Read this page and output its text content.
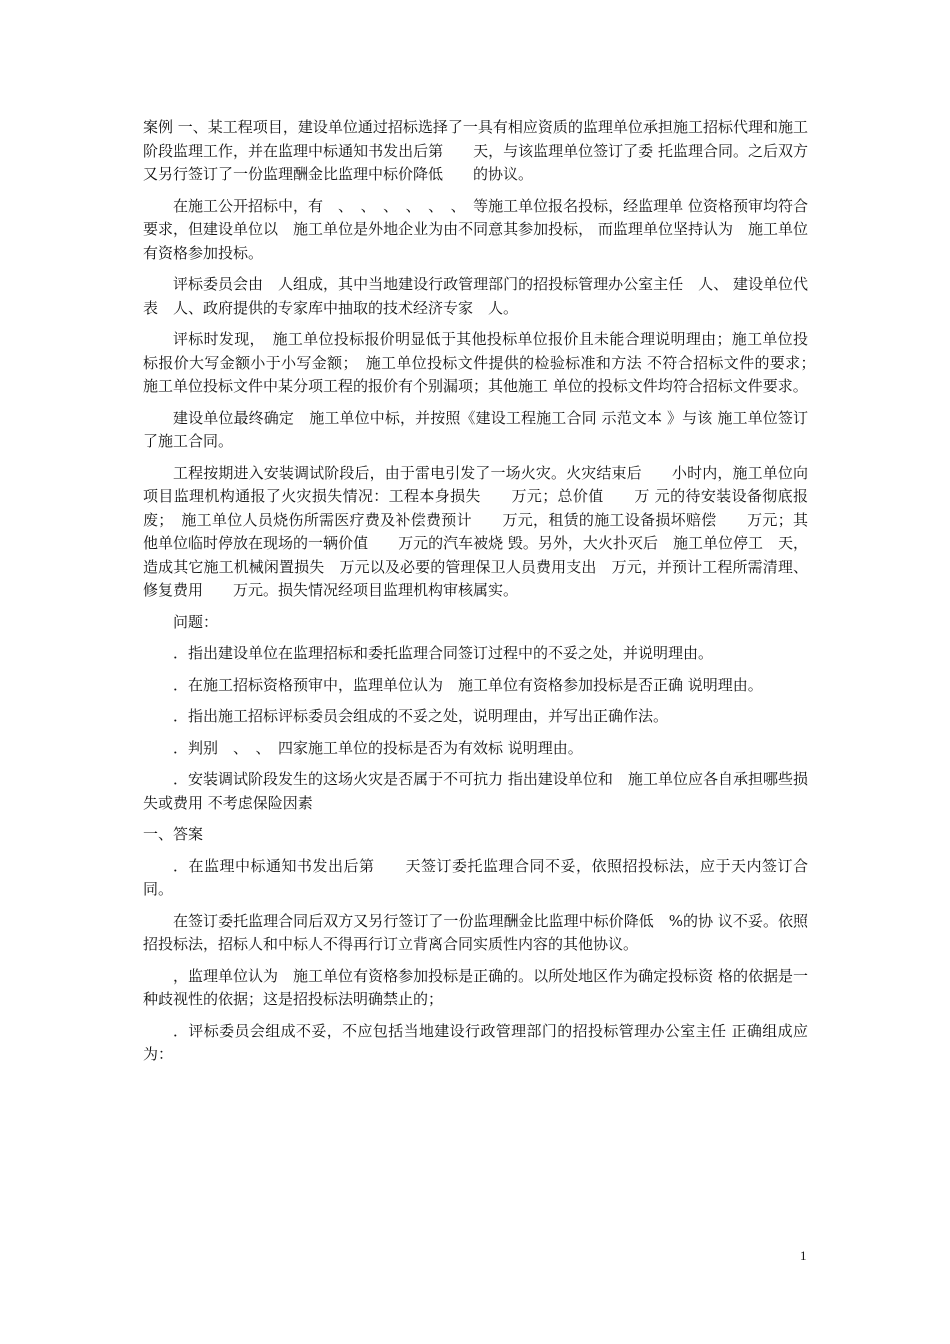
案例 一、某工程项目，建设单位通过招标选择了一具有相应资质的监理单位承担施工招标代理和施工阶段监理工作，并在监理中标通知书发出后第　　天，与该监理单位签订了委 托监理合同。之后双方又另行签订了一份监理酬金比监理中标价降低　　的协议。

在施工公开招标中，有　、　、　、　、　、　、　等施工单位报名投标，经监理单 位资格预审均符合要求，但建设单位以　施工单位是外地企业为由不同意其参加投标， 而监理单位坚持认为　施工单位有资格参加投标。

评标委员会由　人组成，其中当地建设行政管理部门的招投标管理办公室主任　人、 建设单位代表　人、政府提供的专家库中抽取的技术经济专家　人。

评标时发现，　施工单位投标报价明显低于其他投标单位报价且未能合理说明理由；施工单位投标报价大写金额小于小写金额；　施工单位投标文件提供的检验标准和方法 不符合招标文件的要求；　施工单位投标文件中某分项工程的报价有个别漏项；其他施工 单位的投标文件均符合招标文件要求。

建设单位最终确定　施工单位中标，并按照《建设工程施工合同 示范文本 》与该 施工单位签订了施工合同。

工程按期进入安装调试阶段后，由于雷电引发了一场火灾。火灾结束后　　小时内，施工单位向项目监理机构通报了火灾损失情况：工程本身损失　　万元；总价值　　万 元的待安装设备彻底报废；　施工单位人员烧伤所需医疗费及补偿费预计　　万元，租赁的施工设备损坏赔偿　　万元；其他单位临时停放在现场的一辆价值　　万元的汽车被烧 毁。另外，大火扑灭后　施工单位停工　天，造成其它施工机械闲置损失　万元以及必要的管理保卫人员费用支出　万元，并预计工程所需清理、修复费用　　万元。损失情况经项目监理机构审核属实。

问题：

．指出建设单位在监理招标和委托监理合同签订过程中的不妥之处，并说明理由。

．在施工招标资格预审中，监理单位认为　施工单位有资格参加投标是否正确 说明理由。

．指出施工招标评标委员会组成的不妥之处，说明理由，并写出正确作法。

．判别　、　、　四家施工单位的投标是否为有效标 说明理由。

．安装调试阶段发生的这场火灾是否属于不可抗力 指出建设单位和　施工单位应各自承担哪些损失或费用 不考虑保险因素

一、答案

．在监理中标通知书发出后第　　天签订委托监理合同不妥，依照招投标法，应于天内签订合同。

在签订委托监理合同后双方又另行签订了一份监理酬金比监理中标价降低　%的协 议不妥。依照招投标法，招标人和中标人不得再行订立背离合同实质性内容的其他协议。

，监理单位认为　施工单位有资格参加投标是正确的。以所处地区作为确定投标资 格的依据是一种歧视性的依据；这是招投标法明确禁止的；

．评标委员会组成不妥，不应包括当地建设行政管理部门的招投标管理办公室主任 正确组成应为：

1
